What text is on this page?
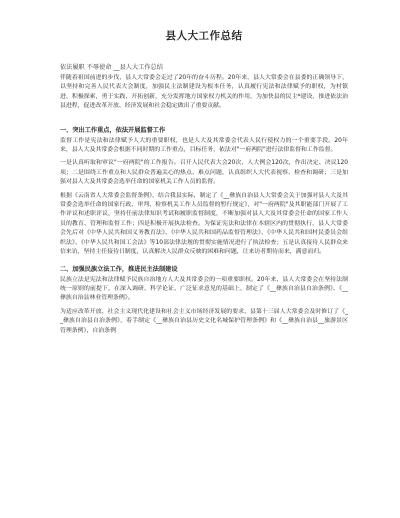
县人大工作总结
依法履职 不辱使命 __县人大工作总结

伴随着祖国前进的步伐，县人大常委会走过了20年的奋斗历程。20年来，县人大常委会在县委的正确领导下，以坚持和完善人民代表大会制度，加强民主法制建设为根本任务，认真履行宪法和法律赋予的职权，为村镇进，积极探索，勇于实践，开拓创新，充分发挥地方国家权力机关的作用，为加快县的民主*建设，推进依法治县进程，促进改革开放、经济发展和社会稳定做出了重要贡献。

一、突出工作重点，依法开展监督工作

监督工作是宪法和法律赋予人大的重要职权，也是人大及其常委会代表人民行使权力的一个重要手段。20年来，县人大及其常委会根据不同时期的工作重点，目标任务，依法对"一府两院"进行法律监督和工作监督。

一是认真听取和审议"一府两院"的工作报告。召开人民代表大会20次，人大例会120次，作出决定、决议120项；二是围绕工作重点和人民群众普遍关心的热点、难点问题，认真组织人大代表视察、检查和调研；三是加强对县人大及其常委会选举任命的国家机关工作人员的监督。

根据《云南省人大常委会监督条例》，结合我县实际，制定了《__彝族自治县人大常委会关于加强对县人大及其常委会选举任命的国家行政、审判、检察机关工作人员监督的暂行规定》，对"一府两院"及其职能部门开展了工作评议和述职评议，坚持任前法律知识考试和履职监督制度，不断加强对县人大及其常委会任命的国家工作人员的教育、管理和监督工作；四是积极开展执法检查。为保证宪法和法律在本辖区内的贯彻执行，县人大常委会先后对《中华人民共和国义务教育法》、《中华人民共和国药品监督管理法》、《中华人民共和国村民委员会组织法》、《中华人民共和国工会法》等10部法律法规的贯彻实施情况进行了执法检查；五是认真接待人民群众来信来访，坚持主任接待日制度，认真解决人民群众反映的困难和问题，让来访者期待而来，满意而归。

二、加强民族立法工作，推进民主法制建设

民族立法是宪法和法律赋予民族自治地方人大及其常委会的一项重要职权。20年来，县人大常委会在坚持法制统一原则的前提下，在深入调研、科学论证、广泛征求意见的基础上，制定了《__彝族自治县自治条例》、《__彝族自治县林业管理条例》。

为适应改革开放、社会主义现代化建设和社会主义市场经济发展的要求，县第十三届人大常委会及时修订了《__彝族自治县自治条例》，着手制定《__彝族自治县历史文化名城保护管理条例》和《__彝族自治县__旅游景区管理条例》，自治条例
